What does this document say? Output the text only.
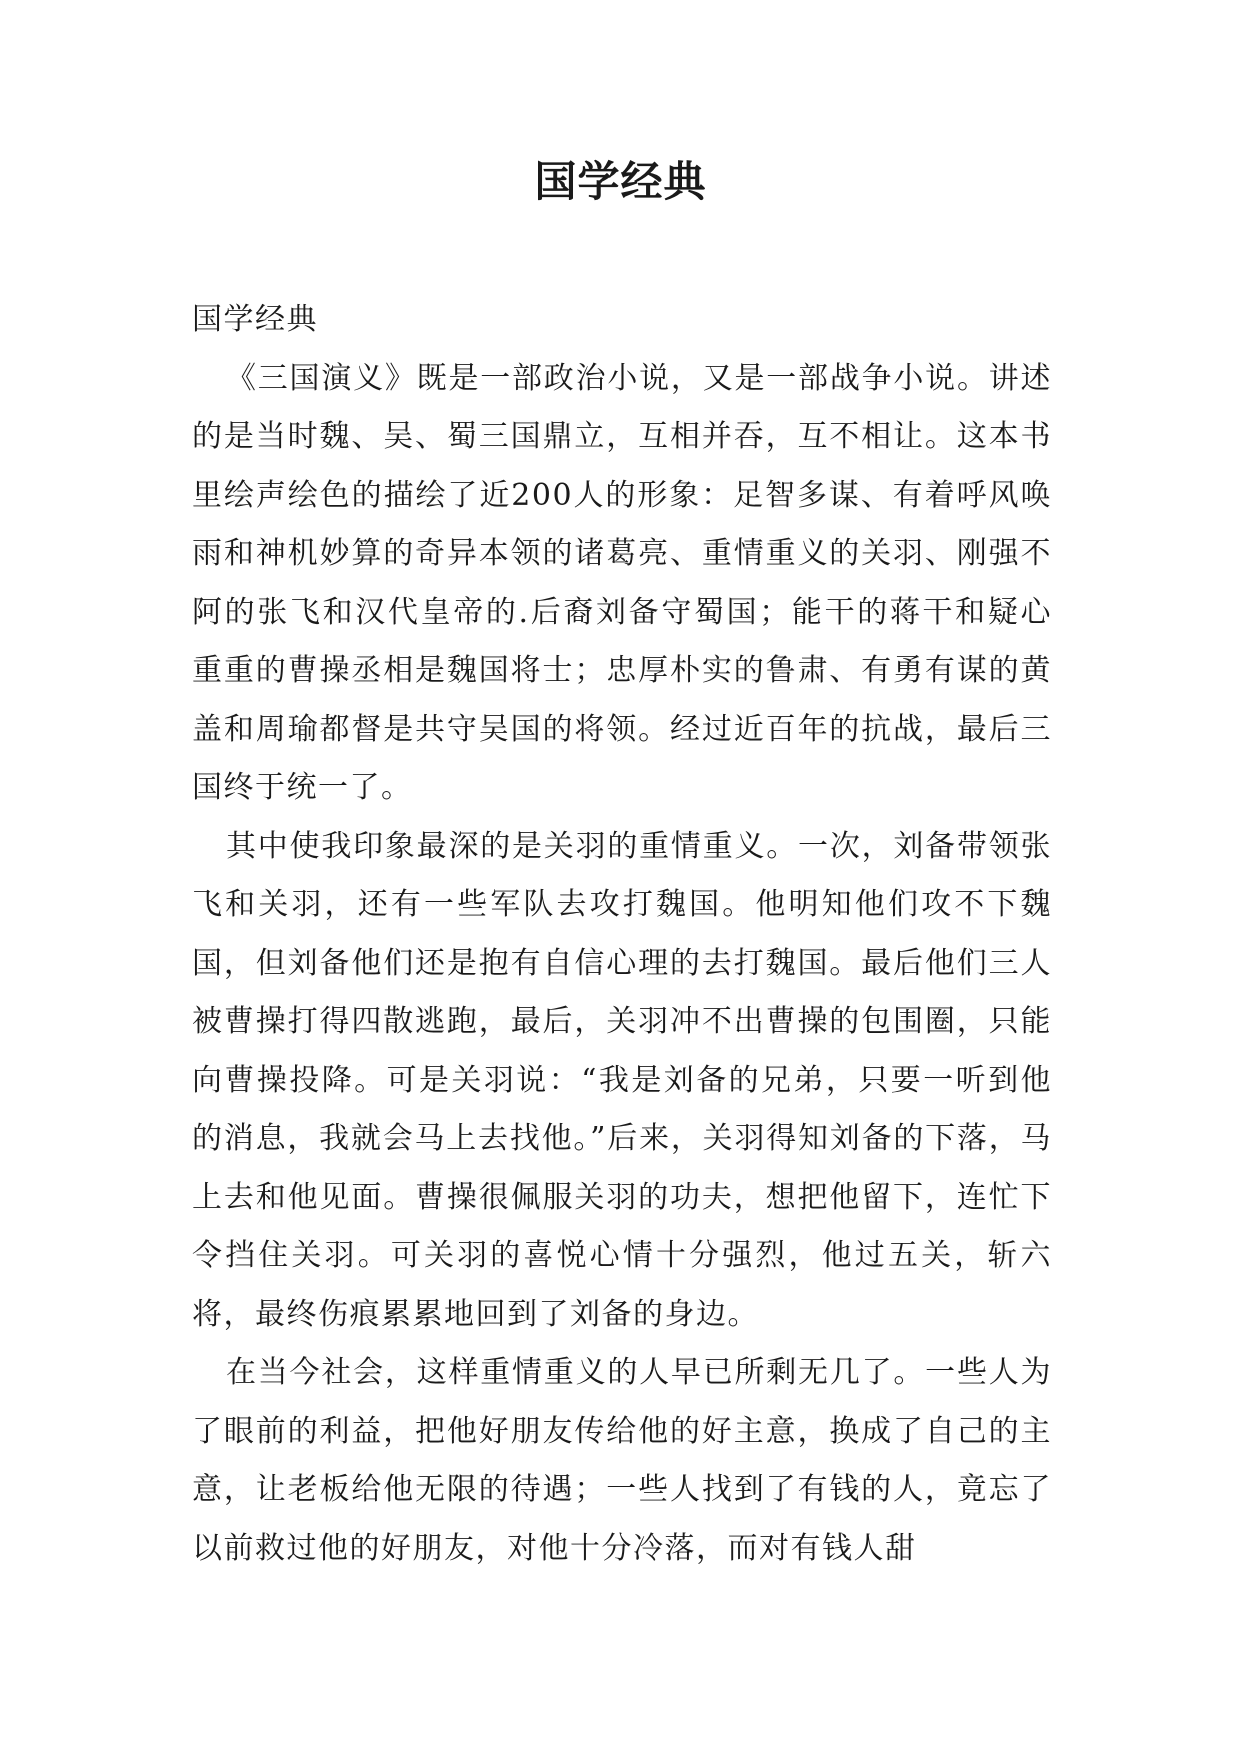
国学经典

国学经典

《三国演义》既是一部政治小说，又是一部战争小说。讲述的是当时魏、吴、蜀三国鼎立，互相并吞，互不相让。这本书里绘声绘色的描绘了近200人的形象：足智多谋、有着呼风唤雨和神机妙算的奇异本领的诸葛亮、重情重义的关羽、刚强不阿的张飞和汉代皇帝的.后裔刘备守蜀国；能干的蒋干和疑心重重的曹操丞相是魏国将士；忠厚朴实的鲁肃、有勇有谋的黄盖和周瑜都督是共守吴国的将领。经过近百年的抗战，最后三国终于统一了。

其中使我印象最深的是关羽的重情重义。一次，刘备带领张飞和关羽，还有一些军队去攻打魏国。他明知他们攻不下魏国，但刘备他们还是抱有自信心理的去打魏国。最后他们三人被曹操打得四散逃跑，最后，关羽冲不出曹操的包围圈，只能向曹操投降。可是关羽说：“我是刘备的兄弟，只要一听到他的消息，我就会马上去找他。”后来，关羽得知刘备的下落，马上去和他见面。曹操很佩服关羽的功夫，想把他留下，连忙下令挡住关羽。可关羽的喜悦心情十分强烈，他过五关，斩六将，最终伤痕累累地回到了刘备的身边。

在当今社会，这样重情重义的人早已所剩无几了。一些人为了眼前的利益，把他好朋友传给他的好主意，换成了自己的主意，让老板给他无限的待遇；一些人找到了有钱的人，竟忘了以前救过他的好朋友，对他十分冷落，而对有钱人甜
